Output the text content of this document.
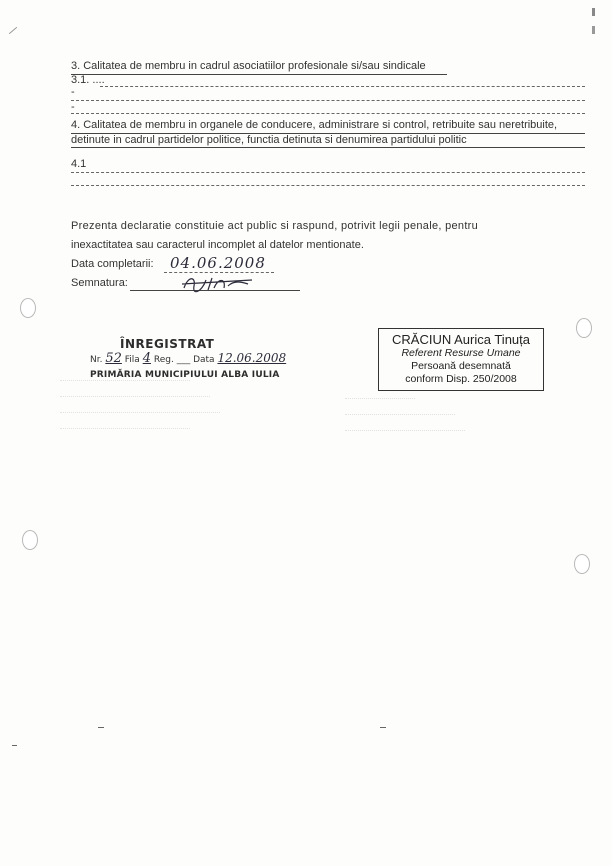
3. Calitatea de membru in cadrul asociatiilor profesionale si/sau sindicale
3.1. ....
-
-
4. Calitatea de membru in organele de conducere, administrare si control, retribuite sau neretribuite,
detinute in cadrul partidelor politice, functia detinuta si denumirea partidului politic
4.1
Prezenta declaratie constituie act public si raspund, potrivit legii penale, pentru
inexactitatea sau caracterul incomplet al datelor mentionate.
Data completarii: 04.06.2008
Semnatura:
ÎNREGISTRAT
Nr. 52 Fila 4 Reg. ___ Data 12.06.2008
PRIMĂRIA MUNICIPIULUI ALBA IULIA
CRĂCIUN Aurica Tinuța
Referent Resurse Umane
Persoană desemnată
conform Disp. 250/2008
